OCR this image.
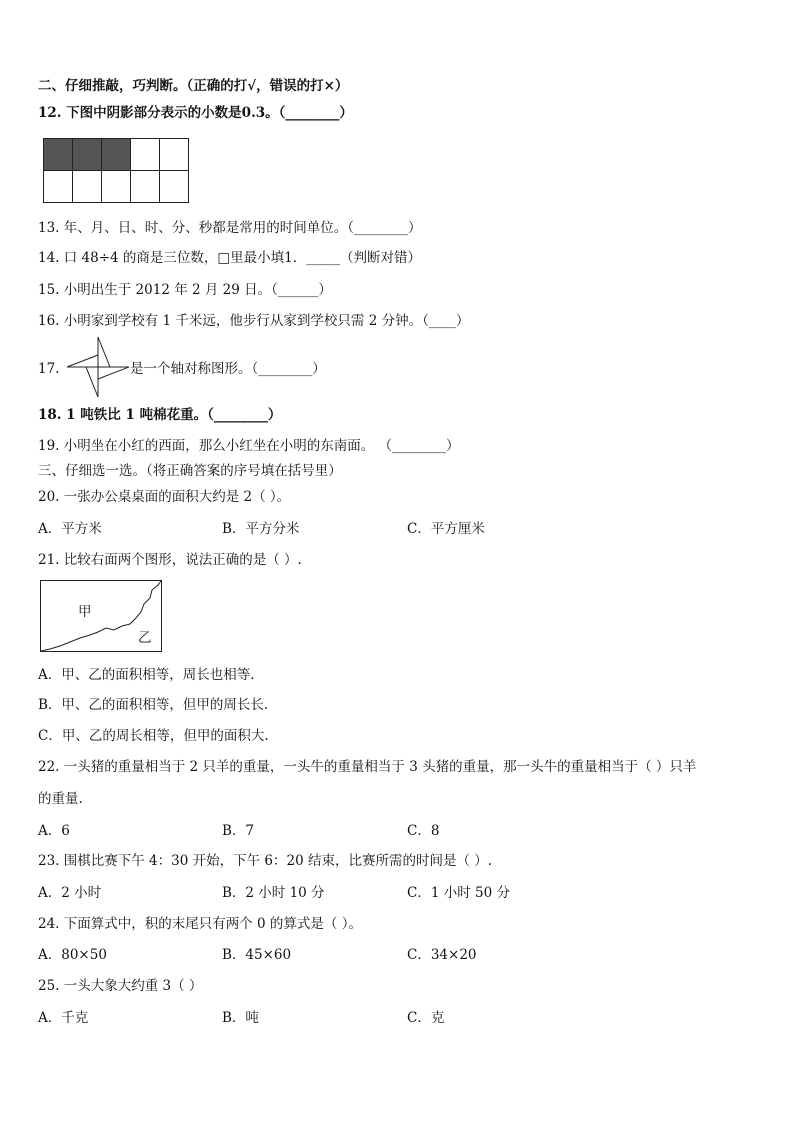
二、仔细推敲，巧判断。（正确的打√，错误的打×）
12. 下图中阴影部分表示的小数是0.3。（________）

13. 年、月、日、时、分、秒都是常用的时间单位。（________）
14. 口 48÷4 的商是三位数，□里最小填1．_____（判断对错）
15. 小明出生于 2012 年 2 月 29 日。（______）
16. 小明家到学校有 1 千米远，他步行从家到学校只需 2 分钟。（____）
17.	是一个轴对称图形。（________）
18. 1 吨铁比 1 吨棉花重。（________）
19. 小明坐在小红的西面，那么小红坐在小明的东南面。 （________）
三、仔细选一选。（将正确答案的序号填在括号里）
20. 一张办公桌桌面的面积大约是 2（ ）。
A．平方米	B．平方分米	C．平方厘米
21. 比较右面两个图形，说法正确的是（ ）.
甲
乙
A．甲、乙的面积相等，周长也相等.
B．甲、乙的面积相等，但甲的周长长.
C．甲、乙的周长相等，但甲的面积大.
22. 一头猪的重量相当于 2 只羊的重量，一头牛的重量相当于 3 头猪的重量，那一头牛的重量相当于（ ）只羊
的重量.
A．6	B．7	C．8
23. 围棋比赛下午 4：30 开始，下午 6：20 结束，比赛所需的时间是（ ）.
A．2 小时	B．2 小时 10 分	C．1 小时 50 分
24. 下面算式中，积的末尾只有两个 0 的算式是（ ）。
A．80×50	B．45×60	C．34×20
25. 一头大象大约重 3（ ）
A．千克	B．吨	C．克
